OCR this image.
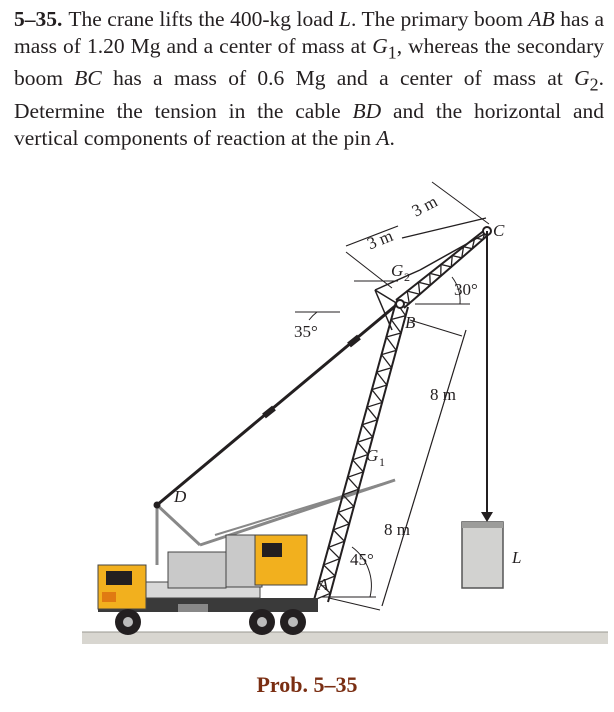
5–35. The crane lifts the 400-kg load L. The primary boom AB has a mass of 1.20 Mg and a center of mass at $G_1$, whereas the secondary boom BC has a mass of 0.6 Mg and a center of mass at $G_2$. Determine the tension in the cable BD and the horizontal and vertical components of reaction at the pin A.
3 m
3 m
8 m
8 m
35°
30°
45°
A
B
C
D
G 1
G 2
L
Prob. 5–35
